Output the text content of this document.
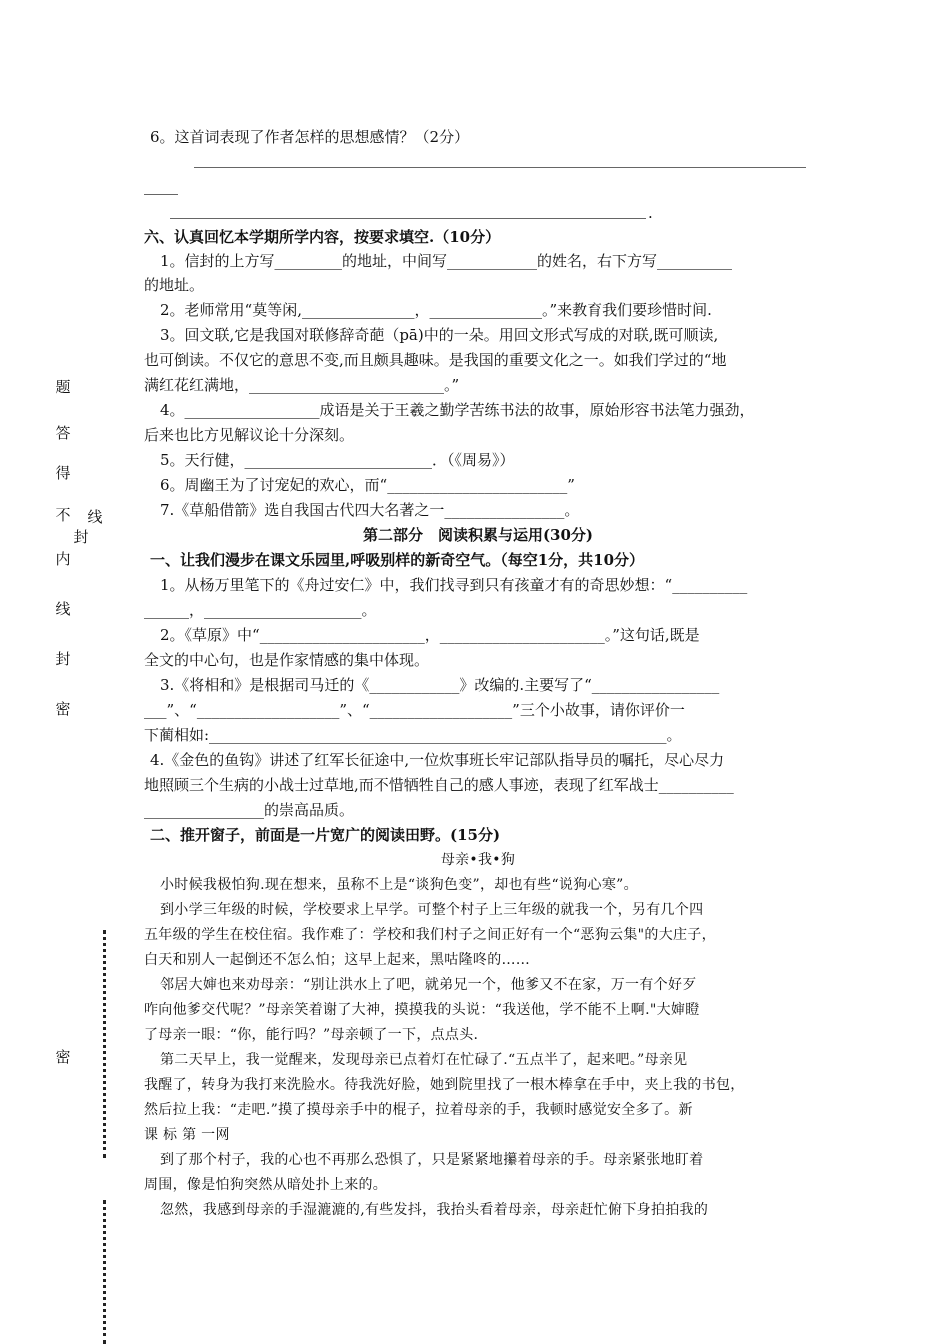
题
答
得
不
内
线
封
密
封
线
密
6。这首词表现了作者怎样的思想感情？（2分）
.
六、认真回忆本学期所学内容，按要求填空.（10分）
1。信封的上方写_________的地址，中间写____________的姓名，右下方写__________
的地址。
2。老师常用“莫等闲,_______________，_______________。”来教育我们要珍惜时间.
3。回文联,它是我国对联修辞奇葩（pā)中的一朵。用回文形式写成的对联,既可顺读,
也可倒读。不仅它的意思不变,而且颇具趣味。是我国的重要文化之一。如我们学过的“地
满红花红满地，__________________________。”
4。__________________成语是关于王羲之勤学苦练书法的故事，原始形容书法笔力强劲，
后来也比方见解议论十分深刻。
5。天行健，_________________________．（《周易》）
6。周幽王为了讨宠妃的欢心，而“________________________”
7.《草船借箭》选自我国古代四大名著之一________________。
第二部分　阅读积累与运用(30分)
一、让我们漫步在课文乐园里,呼吸别样的新奇空气。（每空1分，共10分）
1。从杨万里笔下的《舟过安仁》中，我们找寻到只有孩童才有的奇思妙想：“__________
______，_____________________。
2。《草原》中“______________________，______________________。”这句话,既是
全文的中心句，也是作家情感的集中体现。
3.《将相和》是根据司马迁的《____________》改编的.主要写了“_________________
___”、“___________________”、“___________________”三个小故事，请你评价一
下蔺相如:_____________________________________________________________。
4.《金色的鱼钩》讲述了红军长征途中,一位炊事班长牢记部队指导员的嘱托，尽心尽力
地照顾三个生病的小战士过草地,而不惜牺牲自己的感人事迹，表现了红军战士__________
________________的崇高品质。
二、推开窗子，前面是一片宽广的阅读田野。(15分)
母亲•我•狗
小时候我极怕狗.现在想来，虽称不上是“谈狗色变”，却也有些“说狗心寒”。
到小学三年级的时候，学校要求上早学。可整个村子上三年级的就我一个，另有几个四
五年级的学生在校住宿。我作难了：学校和我们村子之间正好有一个“恶狗云集"的大庄子，
白天和别人一起倒还不怎么怕；这早上起来，黑咕隆咚的……
邻居大婶也来劝母亲：“别让洪水上了吧，就弟兄一个，他爹又不在家，万一有个好歹
咋向他爹交代呢？”母亲笑着谢了大神，摸摸我的头说：“我送他，学不能不上啊."大婶瞪
了母亲一眼：“你，能行吗？”母亲顿了一下，点点头.
第二天早上，我一觉醒来，发现母亲已点着灯在忙碌了.“五点半了，起来吧。”母亲见
我醒了，转身为我打来洗脸水。待我洗好脸，她到院里找了一根木棒拿在手中，夹上我的书包，
然后拉上我：“走吧.”摸了摸母亲手中的棍子，拉着母亲的手，我顿时感觉安全多了。新
课 标 第 一网
到了那个村子，我的心也不再那么恐惧了，只是紧紧地攥着母亲的手。母亲紧张地盯着
周围，像是怕狗突然从暗处扑上来的。
忽然，我感到母亲的手湿漉漉的,有些发抖，我抬头看着母亲，母亲赶忙俯下身拍拍我的
